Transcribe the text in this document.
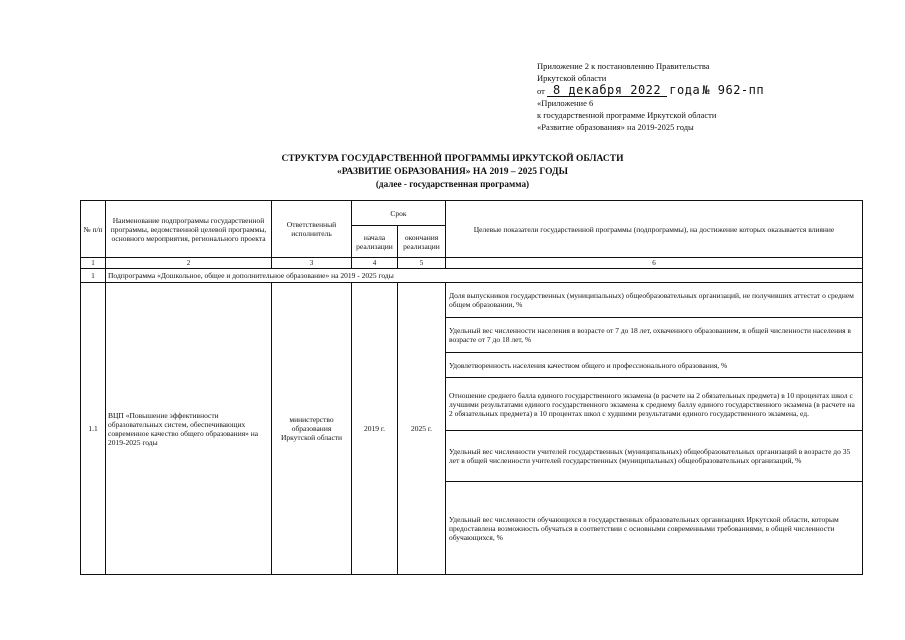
Приложение 2 к постановлению Правительства
Иркутской области
от 8 декабря 2022 года № 962-пп
«Приложение 6
к государственной программе Иркутской области
«Развитие образования» на 2019-2025 годы
СТРУКТУРА ГОСУДАРСТВЕННОЙ ПРОГРАММЫ ИРКУТСКОЙ ОБЛАСТИ
«РАЗВИТИЕ ОБРАЗОВАНИЯ» НА 2019 – 2025 ГОДЫ
(далее - государственная программа)
№ п/п	Наименование подпрограммы государственной программы, ведомственной целевой программы, основного мероприятия, регионального проекта	Ответственный исполнитель	Срок		Целевые показатели государственной программы (подпрограммы), на достижение которых оказывается влияние
			начала реализации	окончания реализации	
1	2	3	4	5	6
1	Подпрограмма «Дошкольное, общее и дополнительное образование» на 2019 - 2025 годы				
1.1	ВЦП «Повышение эффективности образовательных систем, обеспечивающих современное качество общего образования» на 2019-2025 годы	министерство образования Иркутской области	2019 г.	2025 г.	Доля выпускников государственных (муниципальных) общеобразовательных организаций, не получивших аттестат о среднем общем образовании, %
					Удельный вес численности населения в возрасте от 7 до 18 лет, охваченного образованием, в общей численности населения в возрасте от 7 до 18 лет, %
					Удовлетворенность населения качеством общего и профессионального образования, %
					Отношение среднего балла единого государственного экзамена (в расчете на 2 обязательных предмета) в 10 процентах школ с лучшими результатами единого государственного экзамена к среднему баллу единого государственного экзамена (в расчете на 2 обязательных предмета) в 10 процентах школ с худшими результатами единого государственного экзамена, ед.
					Удельный вес численности учителей государственных (муниципальных) общеобразовательных организаций в возрасте до 35 лет в общей численности учителей государственных (муниципальных) общеобразовательных организаций, %
					Удельный вес численности обучающихся в государственных образовательных организациях Иркутской области, которым предоставлена возможность обучаться в соответствии с основными современными требованиями, в общей численности обучающихся, %
